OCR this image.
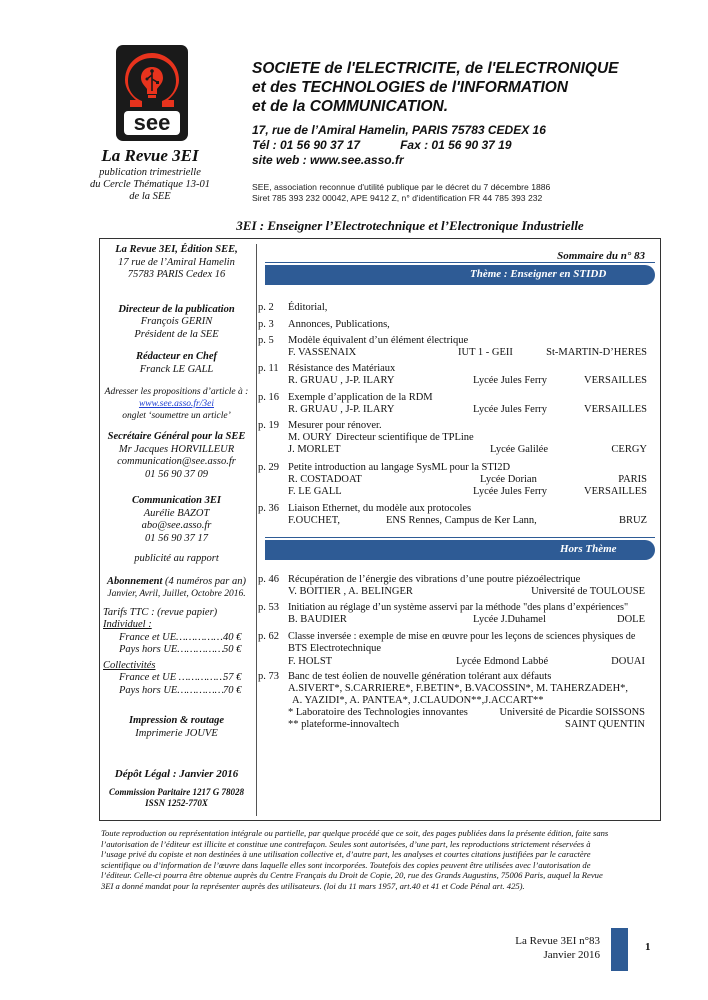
see
La Revue 3EI
publication trimestrielle
du Cercle Thématique 13-01
de la SEE
SOCIETE de l'ELECTRICITE, de l'ELECTRONIQUE
et des TECHNOLOGIES de l'INFORMATION
et de la COMMUNICATION.
17, rue de l’Amiral Hamelin, PARIS 75783 CEDEX 16
Tél : 01 56 90 37 17	Fax : 01 56 90 37 19
site web : www.see.asso.fr
SEE, association reconnue d'utilité publique par le décret du 7 décembre 1886
Siret 785 393 232 00042, APE 9412 Z, n° d'identification FR 44 785 393 232
3EI : Enseigner l’Electrotechnique et l’Electronique Industrielle
La Revue 3EI, Édition SEE,
17 rue de l’Amiral Hamelin
75783 PARIS Cedex 16
Directeur de la publication
François GERIN
Président de la SEE
Rédacteur en Chef
Franck LE GALL
Adresser les propositions d’article à :
www.see.asso.fr/3ei
onglet ‘soumettre un article’
Secrétaire Général pour la SEE
Mr Jacques HORVILLEUR
communication@see.asso.fr
01 56 90 37 09
Communication 3EI
Aurélie BAZOT
abo@see.asso.fr
01 56 90 37 17
publicité au rapport
Abonnement (4 numéros par an)
Janvier, Avril, Juillet, Octobre 2016.
Tarifs TTC : (revue papier)
Individuel :
France et UE…………… 40 €
Pays hors UE……………
50 €
Collectivités
France et UE ……………
57 €
Pays hors UE……………
70 €
Impression & routage
Imprimerie JOUVE
Dépôt Légal : Janvier 2016
Commission Paritaire 1217 G 78028
ISSN 1252-770X
Sommaire du n° 83
Thème : Enseigner en STIDD
p. 2	Éditorial,
p. 3	Annonces, Publications,
p. 5	Modèle équivalent d’un élément électrique
F. VASSENAIX	IUT 1 - GEII	St-MARTIN-D’HERES
p. 11 Résistance des Matériaux
R. GRUAU , J-P. ILARY	Lycée Jules Ferry	VERSAILLES
p. 16 Exemple d’application de la RDM
R. GRUAU , J-P. ILARY	Lycée Jules Ferry	VERSAILLES
p. 19 Mesurer pour rénover.
M. OURY Directeur scientifique de TPLine
J. MORLET	Lycée Galilée	CERGY
p. 29 Petite introduction au langage SysML pour la STI2D
R. COSTADOAT	Lycée Dorian	PARIS
F. LE GALL	Lycée Jules Ferry	VERSAILLES
p. 36 Liaison Ethernet, du modèle aux protocoles
F.OUCHET,	ENS Rennes, Campus de Ker Lann,	BRUZ
Hors Thème
p. 46 Récupération de l’énergie des vibrations d’une poutre piézoélectrique
V. BOITIER , A. BELINGER	Université de TOULOUSE
p. 53 Initiation au réglage d’un système asservi par la méthode "des plans d’expériences"
B. BAUDIER	Lycée J.Duhamel	DOLE
p. 62 Classe inversée : exemple de mise en œuvre pour les leçons de sciences physiques de
BTS Electrotechnique
F. HOLST	Lycée Edmond Labbé	DOUAI
p. 73 Banc de test éolien de nouvelle génération tolérant aux défauts
A.SIVERT*, S.CARRIERE*, F.BETIN*, B.VACOSSIN*, M. TAHERZADEH*,
A. YAZIDI*, A. PANTEA*, J.CLAUDON**,J.ACCART**
* Laboratoire des Technologies innovantes	Université de Picardie SOISSONS
** plateforme-innovaltech	SAINT QUENTIN
Toute reproduction ou représentation intégrale ou partielle, par quelque procédé que ce soit, des pages publiées dans la présente édition, faite sans l’autorisation de l’éditeur est illicite et constitue une contrefaçon. Seules sont autorisées, d’une part, les reproductions strictement réservées à l’usage privé du copiste et non destinées à une utilisation collective et, d’autre part, les analyses et courtes citations justifiées par le caractère scientifique ou d’information de l’œuvre dans laquelle elles sont incorporées. Toutefois des copies peuvent être utilisées avec l’autorisation de l’éditeur. Celle-ci pourra être obtenue auprès du Centre Français du Droit de Copie, 20, rue des Grands Augustins, 75006 Paris, auquel la Revue 3EI a donné mandat pour la représenter auprès des utilisateurs. (loi du 11 mars 1957, art.40 et 41 et Code Pénal art. 425).
La Revue 3EI n°83
Janvier 2016
1
